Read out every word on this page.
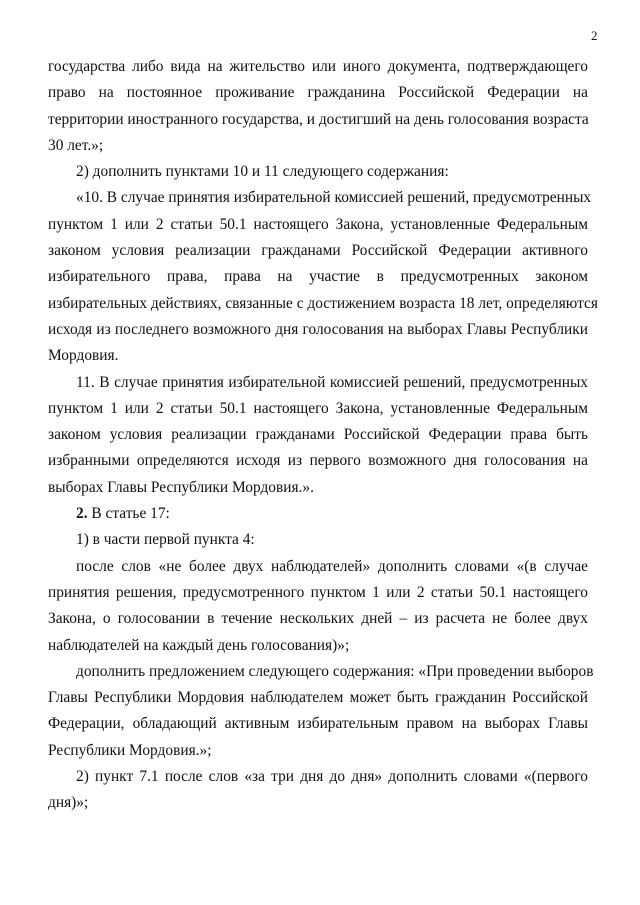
2
государства либо вида на жительство или иного документа, подтверждающего
право на постоянное проживание гражданина Российской Федерации на
территории иностранного государства, и достигший на день голосования возраста
30 лет.»;
2) дополнить пунктами 10 и 11 следующего содержания:
«10. В случае принятия избирательной комиссией решений, предусмотренных
пунктом 1 или 2 статьи 50.1 настоящего Закона, установленные Федеральным
законом условия реализации гражданами Российской Федерации активного
избирательного права, права на участие в предусмотренных законом
избирательных действиях, связанные с достижением возраста 18 лет, определяются
исходя из последнего возможного дня голосования на выборах Главы Республики
Мордовия.
11. В случае принятия избирательной комиссией решений, предусмотренных
пунктом 1 или 2 статьи 50.1 настоящего Закона, установленные Федеральным
законом условия реализации гражданами Российской Федерации права быть
избранными определяются исходя из первого возможного дня голосования на
выборах Главы Республики Мордовия.».
2. В статье 17:
1) в части первой пункта 4:
после слов «не более двух наблюдателей» дополнить словами «(в случае
принятия решения, предусмотренного пунктом 1 или 2 статьи 50.1 настоящего
Закона, о голосовании в течение нескольких дней – из расчета не более двух
наблюдателей на каждый день голосования)»;
дополнить предложением следующего содержания: «При проведении выборов
Главы Республики Мордовия наблюдателем может быть гражданин Российской
Федерации, обладающий активным избирательным правом на выборах Главы
Республики Мордовия.»;
2) пункт 7.1 после слов «за три дня до дня» дополнить словами «(первого
дня)»;
